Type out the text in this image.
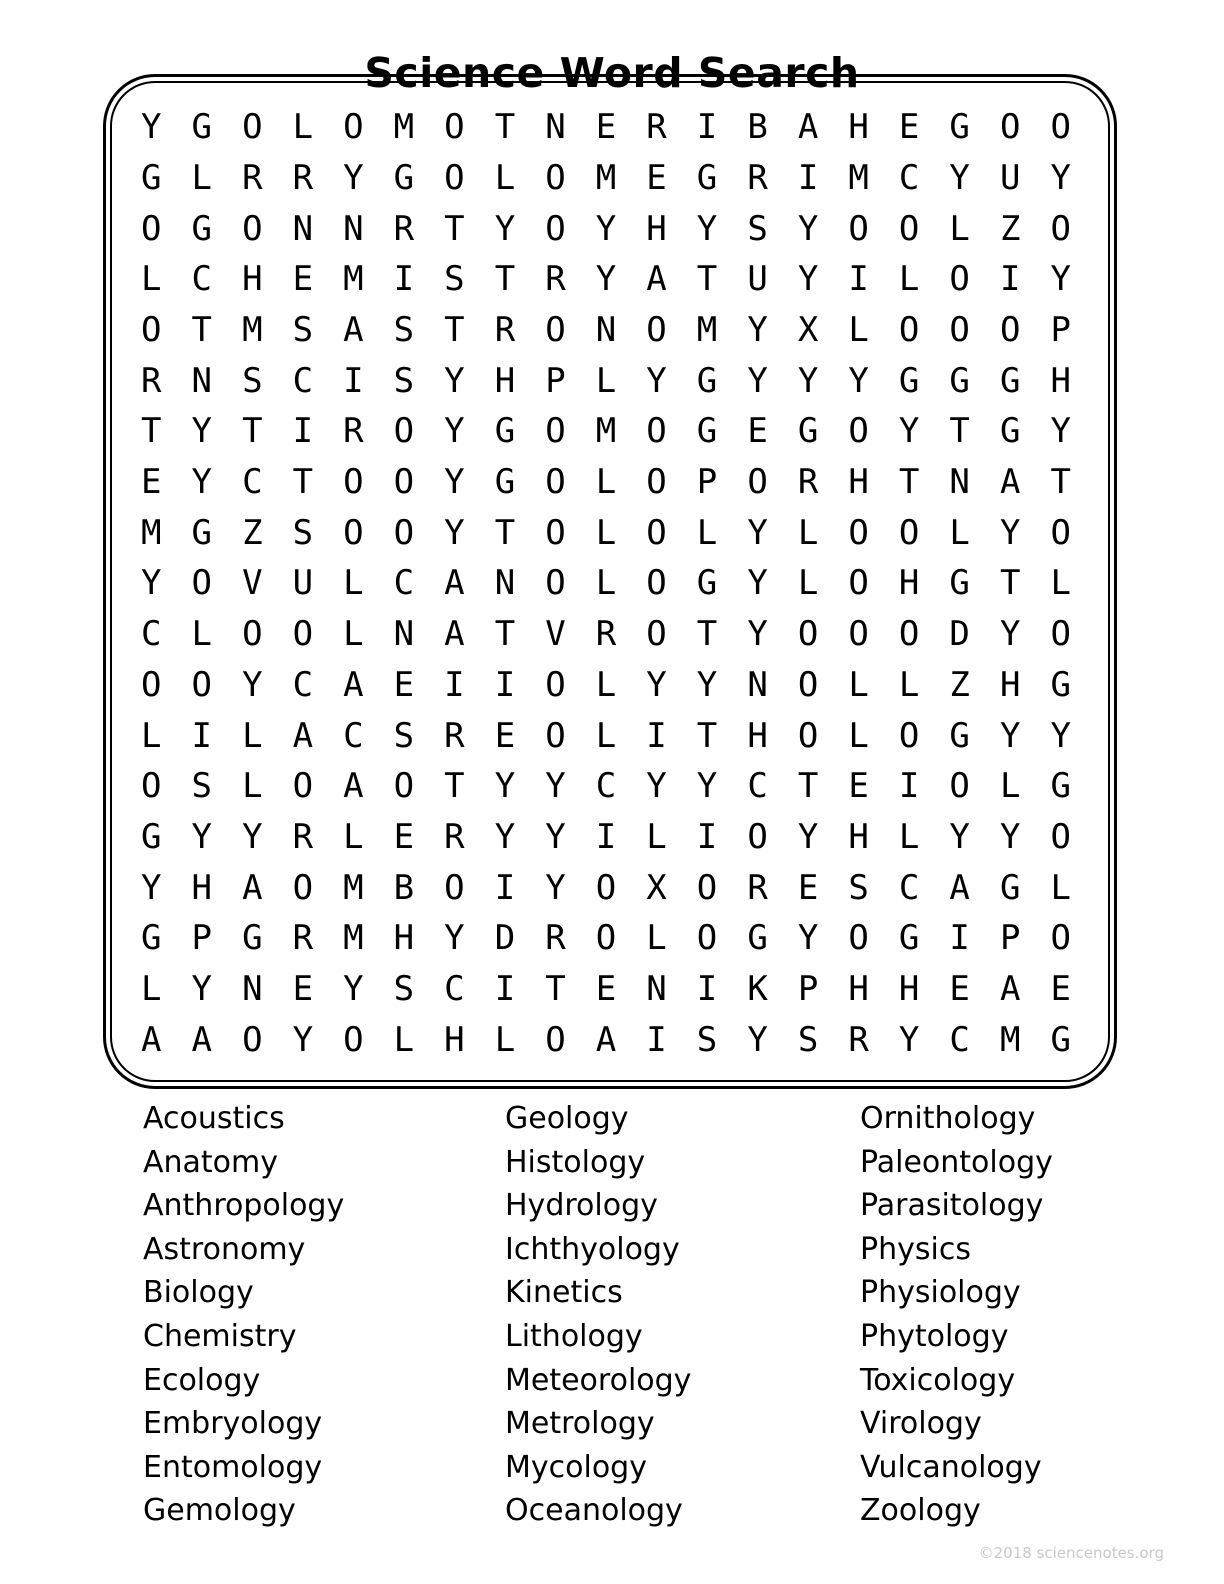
Science Word Search
Y G O L O M O T N E R I B A H E G O O
G L R R Y G O L O M E G R I M C Y U Y
O G O N N R T Y O Y H Y S Y O O L Z O
L C H E M I S T R Y A T U Y I L O I Y
O T M S A S T R O N O M Y X L O O O P
R N S C I S Y H P L Y G Y Y Y G G G H
T Y T I R O Y G O M O G E G O Y T G Y
E Y C T O O Y G O L O P O R H T N A T
M G Z S O O Y T O L O L Y L O O L Y O
Y O V U L C A N O L O G Y L O H G T L
C L O O L N A T V R O T Y O O O D Y O
O O Y C A E I I O L Y Y N O L L Z H G
L I L A C S R E O L I T H O L O G Y Y
O S L O A O T Y Y C Y Y C T E I O L G
G Y Y R L E R Y Y I L I O Y H L Y Y O
Y H A O M B O I Y O X O R E S C A G L
G P G R M H Y D R O L O G Y O G I P O
L Y N E Y S C I T E N I K P H H E A E
A A O Y O L H L O A I S Y S R Y C M G
Acoustics
Anatomy
Anthropology
Astronomy
Biology
Chemistry
Ecology
Embryology
Entomology
Gemology
Geology
Histology
Hydrology
Ichthyology
Kinetics
Lithology
Meteorology
Metrology
Mycology
Oceanology
Ornithology
Paleontology
Parasitology
Physics
Physiology
Phytology
Toxicology
Virology
Vulcanology
Zoology
©2018 sciencenotes.org
